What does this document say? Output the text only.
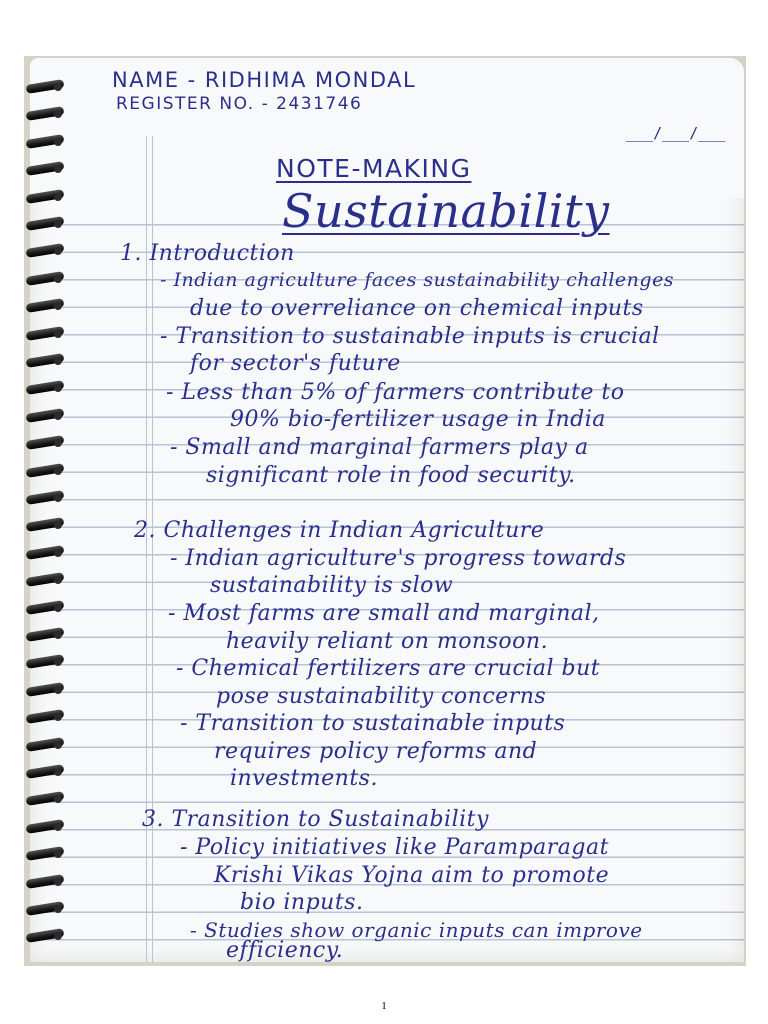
NAME - RIDHIMA MONDAL
REGISTER NO. - 2431746
___/___/___
NOTE-MAKING
Sustainability
1. Introduction
- Indian agriculture faces sustainability challenges
due to overreliance on chemical inputs
- Transition to sustainable inputs is crucial
for sector's future
- Less than 5% of farmers contribute to
90% bio-fertilizer usage in India
- Small and marginal farmers play a
significant role in food security.
2. Challenges in Indian Agriculture
- Indian agriculture's progress towards
sustainability is slow
- Most farms are small and marginal,
heavily reliant on monsoon.
- Chemical fertilizers are crucial but
pose sustainability concerns
- Transition to sustainable inputs
requires policy reforms and
investments.
3. Transition to Sustainability
- Policy initiatives like Paramparagat
Krishi Vikas Yojna aim to promote
bio inputs.
- Studies show organic inputs can improve
efficiency.
1
